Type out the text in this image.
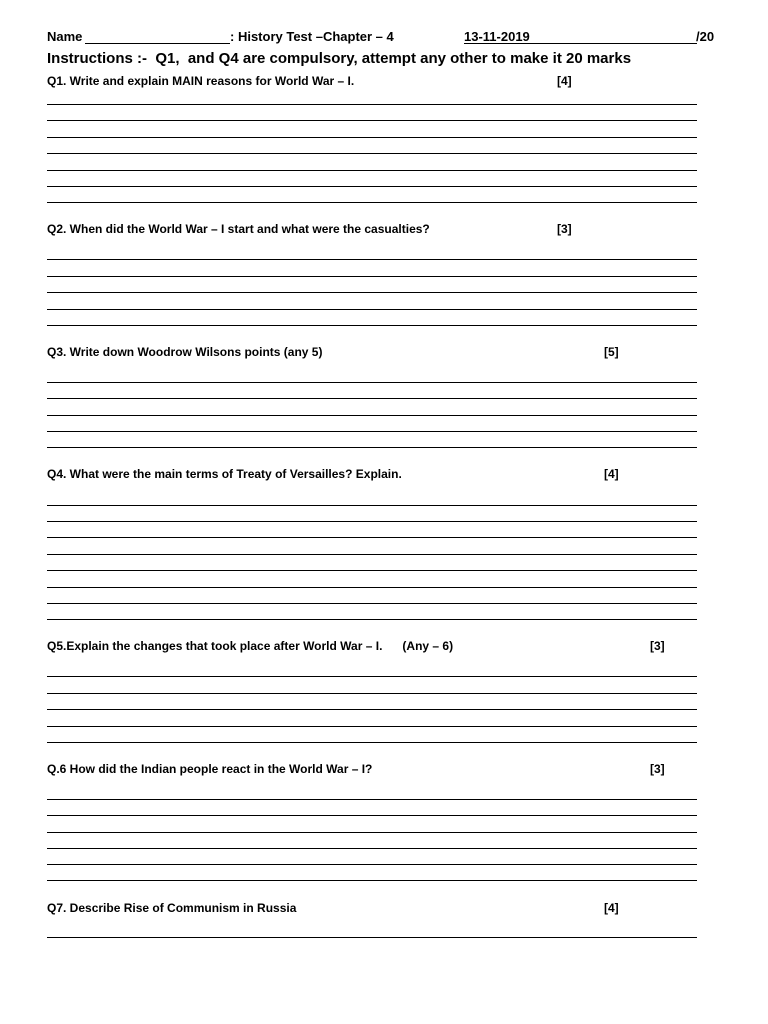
Name	: History Test –Chapter – 4	13-11-2019	/20
Instructions :-  Q1,  and Q4 are compulsory, attempt any other to make it 20 marks
Q1. Write and explain MAIN reasons for World War – I.	[4]
Q2. When did the World War – I start and what were the casualties?	[3]
Q3. Write down Woodrow Wilsons points (any 5)	[5]
Q4. What were the main terms of Treaty of Versailles? Explain.	[4]
Q5.Explain the changes that took place after World War – I.      (Any – 6)	[3]
Q.6 How did the Indian people react in the World War – I?	[3]
Q7. Describe Rise of Communism in Russia	[4]
